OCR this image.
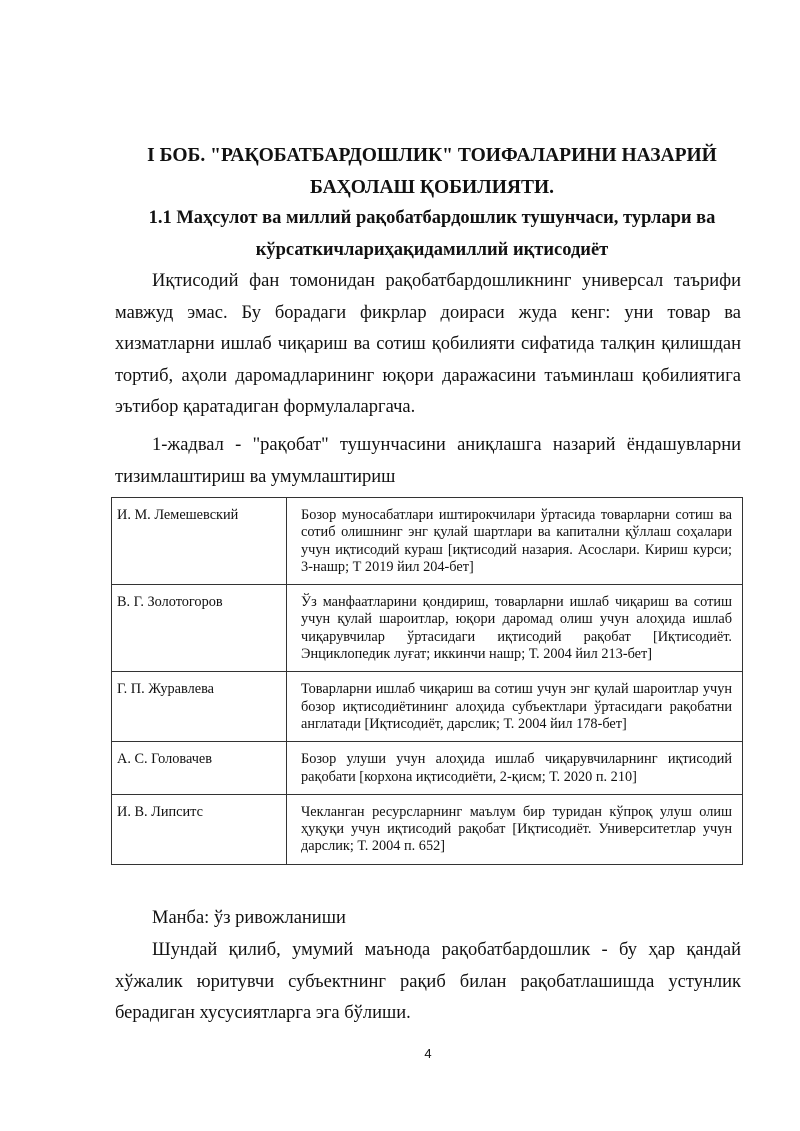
I БОБ. "РАҚОБАТБАРДОШЛИК" ТОИФАЛАРИНИ НАЗАРИЙ
БАҲОЛАШ ҚОБИЛИЯТИ.
1.1 Маҳсулот ва миллий рақобатбардошлик тушунчаси, турлари ва
кўрсаткичлариҳақидамиллий иқтисодиёт

Иқтисодий фан томонидан рақобатбардошликнинг универсал таърифи мавжуд эмас. Бу борадаги фикрлар доираси жуда кенг: уни товар ва хизматларни ишлаб чиқариш ва сотиш қобилияти сифатида талқин қилишдан тортиб, аҳоли даромадларининг юқори даражасини таъминлаш қобилиятига эътибор қаратадиган формулаларгача.

1-жадвал - "рақобат" тушунчасини аниқлашга назарий ёндашувларни тизимлаштириш ва умумлаштириш

И. М. Лемешевский	Бозор муносабатлари иштирокчилари ўртасида товарларни сотиш ва сотиб олишнинг энг қулай шартлари ва капитални қўллаш соҳалари учун иқтисодий кураш [иқтисодий назария. Асослари. Кириш курси; 3-нашр; Т 2019 йил 204-бет]
В. Г. Золотогоров	Ўз манфаатларини қондириш, товарларни ишлаб чиқариш ва сотиш учун қулай шароитлар, юқори даромад олиш учун алоҳида ишлаб чиқарувчилар ўртасидаги иқтисодий рақобат [Иқтисодиёт. Энциклопедик луғат; иккинчи нашр; Т. 2004 йил 213-бет]
Г. П. Журавлева	Товарларни ишлаб чиқариш ва сотиш учун энг қулай шароитлар учун бозор иқтисодиётининг алоҳида субъектлари ўртасидаги рақобатни англатади [Иқтисодиёт, дарслик; Т. 2004 йил 178-бет]
А. С. Головачев	Бозор улуши учун алоҳида ишлаб чиқарувчиларнинг иқтисодий рақобати [корхона иқтисодиёти, 2-қисм; Т. 2020 п. 210]
И. В. Липситс	Чекланган ресурсларнинг маълум бир туридан кўпроқ улуш олиш ҳуқуқи учун иқтисодий рақобат [Иқтисодиёт. Университетлар учун дарслик; Т. 2004 п. 652]

Манба: ўз ривожланиши

Шундай қилиб, умумий маънода рақобатбардошлик - бу ҳар қандай хўжалик юритувчи субъектнинг рақиб билан рақобатлашишда устунлик берадиган хусусиятларга эга бўлиши.

4
